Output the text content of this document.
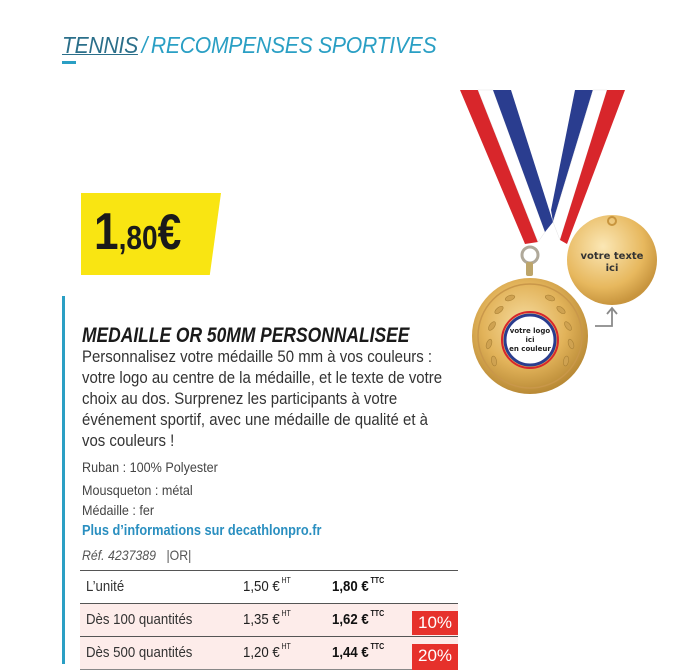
TENNIS / RECOMPENSES SPORTIVES
1,80€
MEDAILLE OR 50MM PERSONNALISEE
Personnalisez votre médaille 50 mm à vos couleurs : votre logo au centre de la médaille, et le texte de votre choix au dos. Surprenez les participants à votre événement sportif, avec une médaille de qualité et à vos couleurs !
Ruban : 100% Polyester
Mousqueton : métal
Médaille : fer
Plus d’informations sur decathlonpro.fr
Réf. 4237389 |OR|
L’unité	1,50 € $^{HT}$	1,80 € $^{TTC}$
Dès 100 quantités	1,35 € $^{HT}$	1,62 € $^{TTC}$	10%
Dès 500 quantités	1,20 € $^{HT}$	1,44 € $^{TTC}$	20%
votre texte
ici
votre logo
ici
en couleur
